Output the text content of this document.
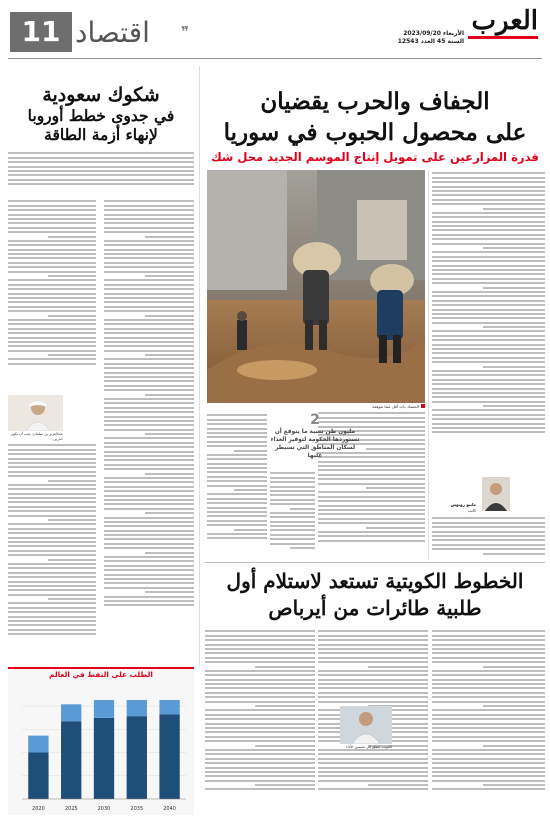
العرب
الأربعاء 2023/09/20
السنة 45 العدد 12543
❞
اقتصاد
11
شكوك سعودية
في جدوى خطط أوروبا
لإنهاء أزمة الطاقة
عبدالعزيز بن سلمان: يجب أن نكون حذرين
الجفاف والحرب يقضيان
على محصول الحبوب في سوريا
قدرة المزارعين على تمويل إنتاج الموسم الجديد محل شك
الحصاد بات أقل مما تتوقعه
ماتيو روبوس
كاتب
2
مليون طن نسبة ما يتوقع أن تستوردها الحكومة لتوفير الغذاء لسكان المناطق التي تسيطر عليها
الخطوط الكويتية تستعد لاستلام أول
طلبية طائرات من أيرباص
الكويت تتطلع إلى تحسين الأداء
الطلب على النفط في العالم
2020	2025	2030	2035	2040
